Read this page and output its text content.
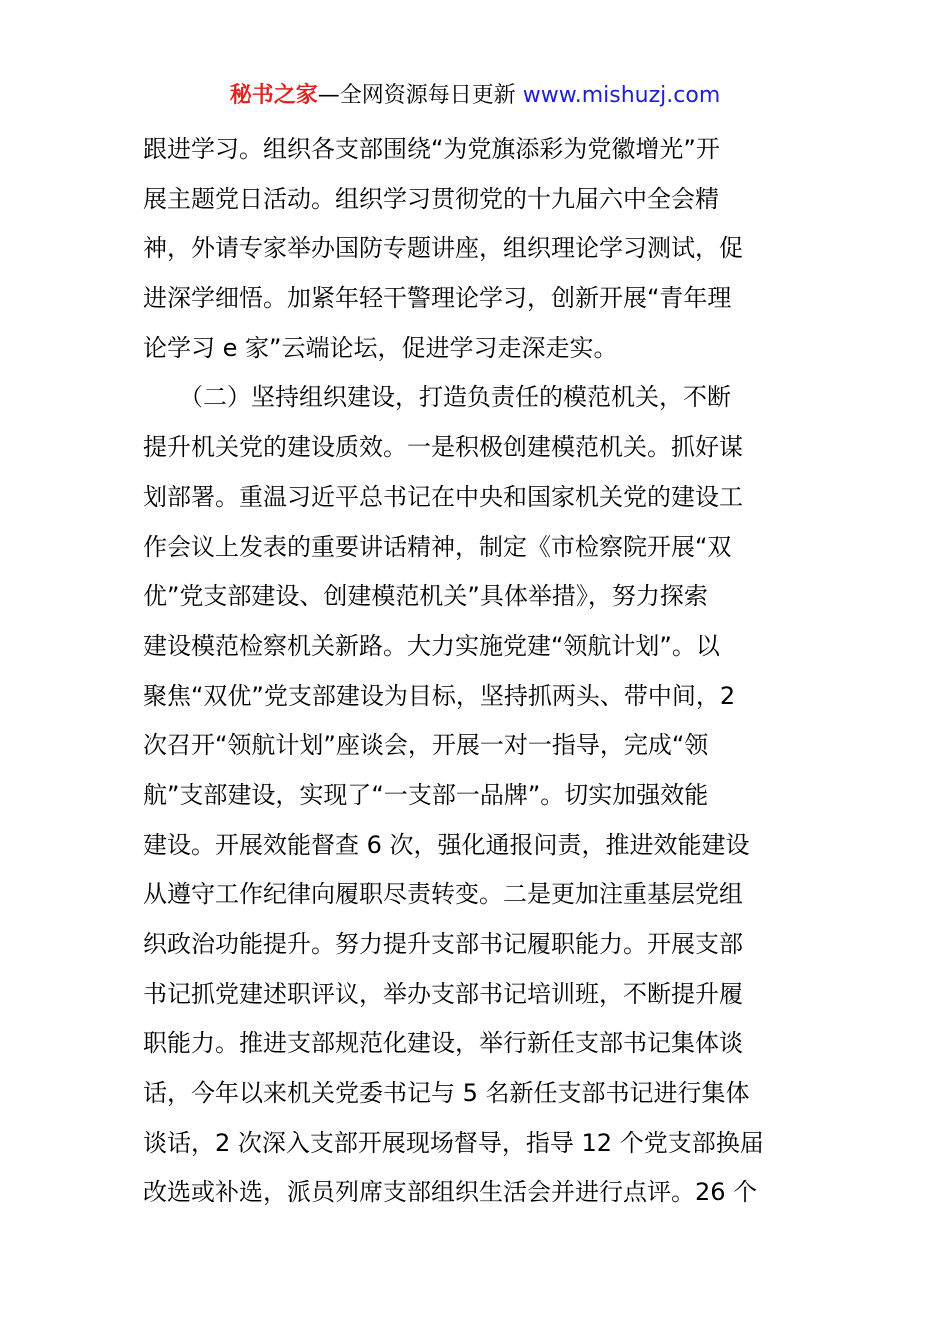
秘书之家—全网资源每日更新 www.mishuzj.com
跟进学习。组织各支部围绕“为党旗添彩为党徽增光”开
展主题党日活动。组织学习贯彻党的十九届六中全会精
神，外请专家举办国防专题讲座，组织理论学习测试，促
进深学细悟。加紧年轻干警理论学习，创新开展“青年理
论学习 e 家”云端论坛，促进学习走深走实。
　　（二）坚持组织建设，打造负责任的模范机关，不断
提升机关党的建设质效。一是积极创建模范机关。抓好谋
划部署。重温习近平总书记在中央和国家机关党的建设工
作会议上发表的重要讲话精神，制定《市检察院开展“双
优”党支部建设、创建模范机关”具体举措》，努力探索
建设模范检察机关新路。大力实施党建“领航计划”。以
聚焦“双优”党支部建设为目标，坚持抓两头、带中间，2
次召开“领航计划”座谈会，开展一对一指导，完成“领
航”支部建设，实现了“一支部一品牌”。切实加强效能
建设。开展效能督查 6 次，强化通报问责，推进效能建设
从遵守工作纪律向履职尽责转变。二是更加注重基层党组
织政治功能提升。努力提升支部书记履职能力。开展支部
书记抓党建述职评议，举办支部书记培训班，不断提升履
职能力。推进支部规范化建设，举行新任支部书记集体谈
话，今年以来机关党委书记与 5 名新任支部书记进行集体
谈话，2 次深入支部开展现场督导，指导 12 个党支部换届
改选或补选，派员列席支部组织生活会并进行点评。26 个
